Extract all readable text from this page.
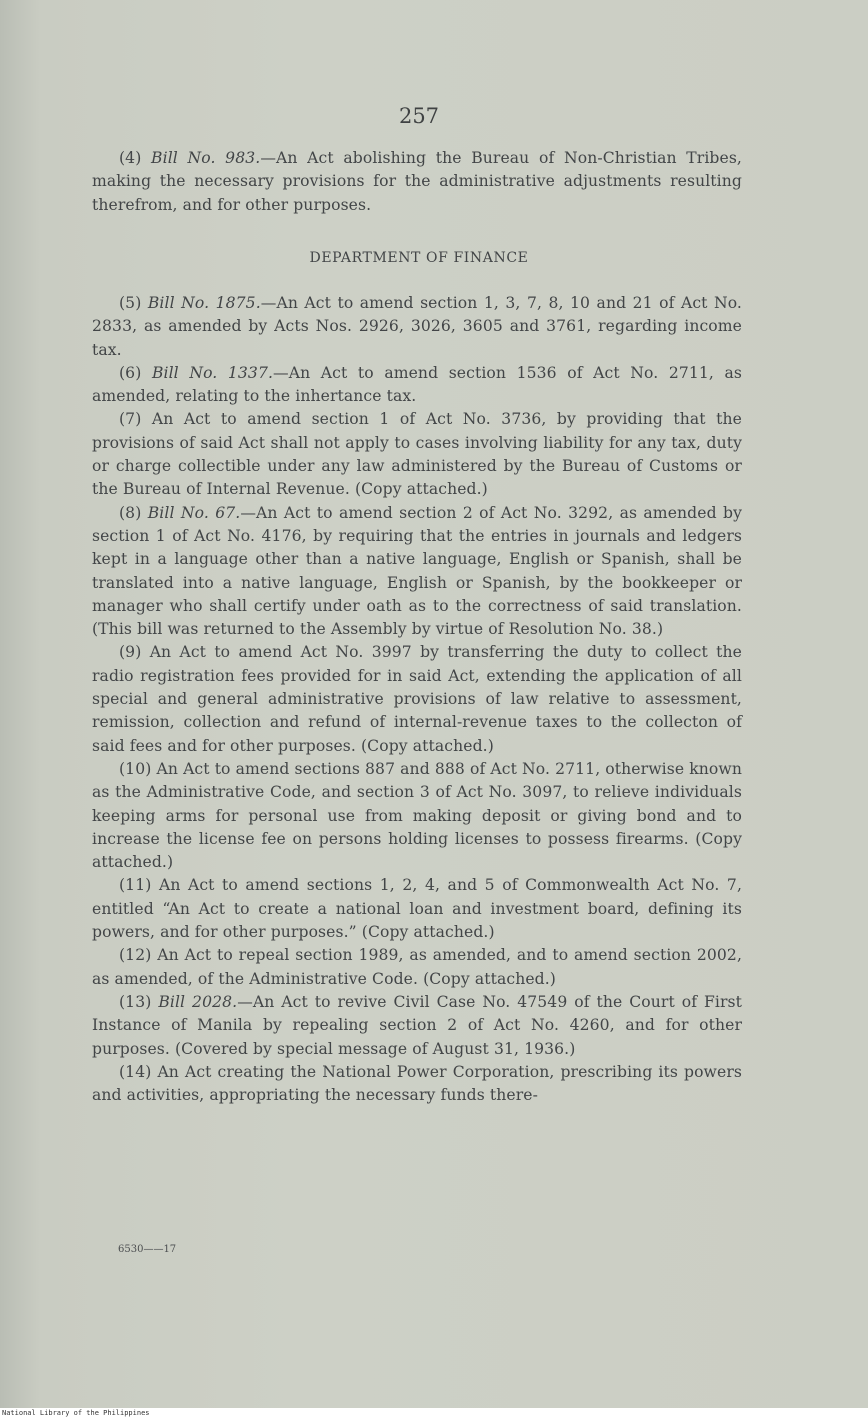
257

(4) Bill No. 983.—An Act abolishing the Bureau of Non-Christian Tribes, making the necessary provisions for the administrative adjustments resulting therefrom, and for other purposes.

DEPARTMENT OF FINANCE

(5) Bill No. 1875.—An Act to amend section 1, 3, 7, 8, 10 and 21 of Act No. 2833, as amended by Acts Nos. 2926, 3026, 3605 and 3761, regarding income tax.

(6) Bill No. 1337.—An Act to amend section 1536 of Act No. 2711, as amended, relating to the inhertance tax.

(7) An Act to amend section 1 of Act No. 3736, by providing that the provisions of said Act shall not apply to cases involving liability for any tax, duty or charge collectible under any law administered by the Bureau of Customs or the Bureau of Internal Revenue. (Copy attached.)

(8) Bill No. 67.—An Act to amend section 2 of Act No. 3292, as amended by section 1 of Act No. 4176, by requiring that the entries in journals and ledgers kept in a language other than a native language, English or Spanish, shall be translated into a native language, English or Spanish, by the bookkeeper or manager who shall certify under oath as to the correctness of said translation. (This bill was returned to the Assembly by virtue of Resolution No. 38.)

(9) An Act to amend Act No. 3997 by transferring the duty to collect the radio registration fees provided for in said Act, extending the application of all special and general administrative provisions of law relative to assessment, remission, collection and refund of internal-revenue taxes to the collecton of said fees and for other purposes. (Copy attached.)

(10) An Act to amend sections 887 and 888 of Act No. 2711, otherwise known as the Administrative Code, and section 3 of Act No. 3097, to relieve individuals keeping arms for personal use from making deposit or giving bond and to increase the license fee on persons holding licenses to possess firearms. (Copy attached.)

(11) An Act to amend sections 1, 2, 4, and 5 of Commonwealth Act No. 7, entitled “An Act to create a national loan and investment board, defining its powers, and for other purposes.” (Copy attached.)

(12) An Act to repeal section 1989, as amended, and to amend section 2002, as amended, of the Administrative Code. (Copy attached.)

(13) Bill 2028.—An Act to revive Civil Case No. 47549 of the Court of First Instance of Manila by repealing section 2 of Act No. 4260, and for other purposes. (Covered by special message of August 31, 1936.)

(14) An Act creating the National Power Corporation, prescribing its powers and activities, appropriating the necessary funds there-

6530——17
National Library of the Philippines
